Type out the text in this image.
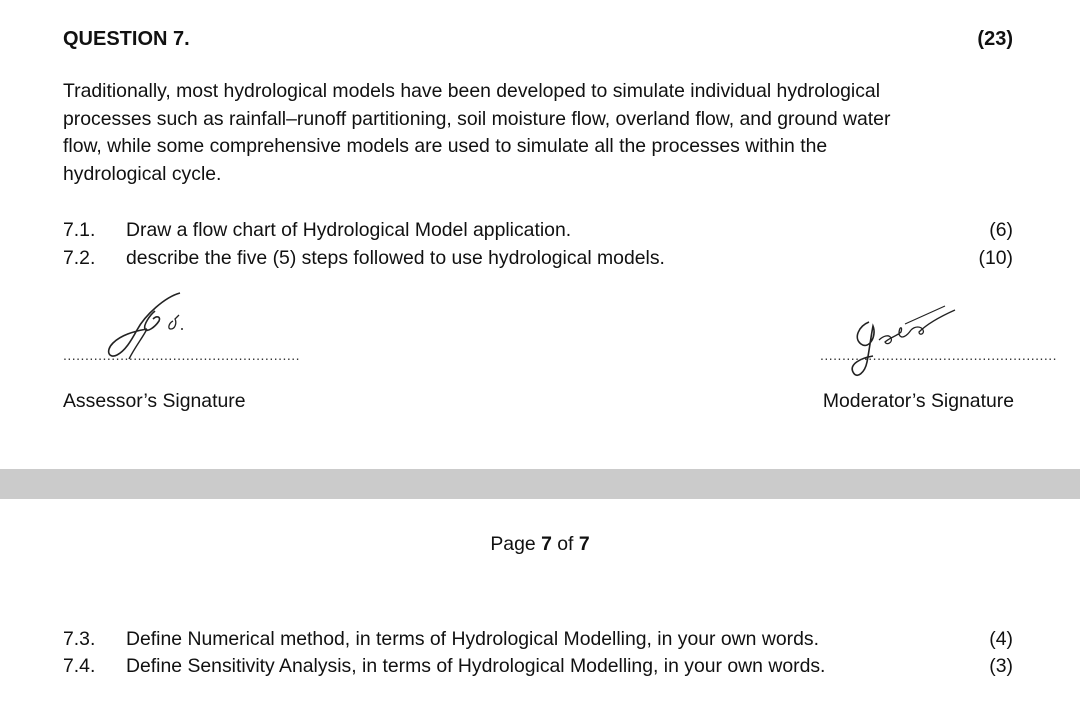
QUESTION 7.	(23)
Traditionally, most hydrological models have been developed to simulate individual hydrological
processes such as rainfall–runoff partitioning, soil moisture flow, overland flow, and ground water
flow, while some comprehensive models are used to simulate all the processes within the
hydrological cycle.
7.1. Draw a flow chart of Hydrological Model application.	(6)
7.2. describe the five (5) steps followed to use hydrological models.	(10)
......................................................
Assessor’s Signature
......................................................
Moderator’s Signature
Page 7 of 7
7.3. Define Numerical method, in terms of Hydrological Modelling, in your own words.	(4)
7.4. Define Sensitivity Analysis, in terms of Hydrological Modelling, in your own words.	(3)
